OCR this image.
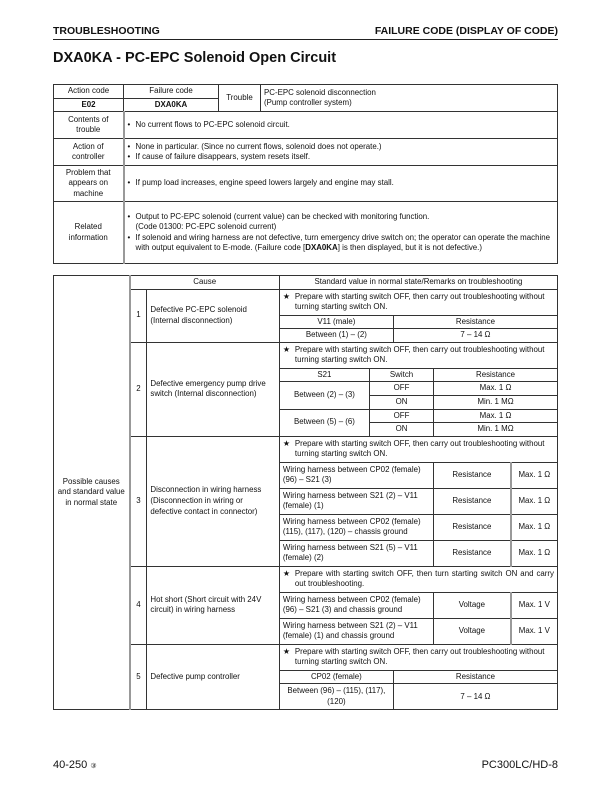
TROUBLESHOOTING	FAILURE CODE (DISPLAY OF CODE)
DXA0KA - PC-EPC Solenoid Open Circuit
Action code	Failure code	Trouble	PC-EPC solenoid disconnection
(Pump controller system)

E02	DXA0KA		
Contents of trouble	• No current flows to PC-EPC solenoid circuit.		

Action of controller	• None in particular. (Since no current flows, solenoid does not operate.)
• If cause of failure disappears, system resets itself.		

Problem that appears on machine	• If pump load increases, engine speed lowers largely and engine may stall.		

Related information	• Output to PC-EPC solenoid (current value) can be checked with monitoring function.
(Code 01300: PC-EPC solenoid current)
• If solenoid and wiring harness are not defective, turn emergency drive switch on; the operator can operate the machine with output equivalent to E-mode. (Failure code [DXA0KA] is then displayed, but it is not defective.)		
Possible causes and standard value in normal state	Cause		Standard value in normal state/Remarks on troubleshooting				
	1	Defective PC-EPC solenoid (Internal disconnection)	★ Prepare with starting switch OFF, then carry out troubleshooting without turning starting switch ON.				

			V11 (male)		Resistance		
			Between (1) – (2)		7 – 14 Ω		
	2	Defective emergency pump drive switch (Internal disconnection)	★ Prepare with starting switch OFF, then carry out troubleshooting without turning starting switch ON.				

			S21	Switch		Resistance	
			Between (2) – (3)	OFF		Max. 1 Ω	
				ON		Min. 1 MΩ	
			Between (5) – (6)	OFF		Max. 1 Ω	
				ON		Min. 1 MΩ	
	3	Disconnection in wiring harness (Disconnection in wiring or defective contact in connector)	★ Prepare with starting switch OFF, then carry out troubleshooting without turning starting switch ON.				

			Wiring harness between CP02 (female) (96) – S21 (3)			Resistance	Max. 1 Ω
			Wiring harness between S21 (2) – V11 (female) (1)			Resistance	Max. 1 Ω
			Wiring harness between CP02 (female) (115), (117), (120) – chassis ground			Resistance	Max. 1 Ω
			Wiring harness between S21 (5) – V11 (female) (2)			Resistance	Max. 1 Ω
	4	Hot short (Short circuit with 24V circuit) in wiring harness	★ Prepare with starting switch OFF, then turn starting switch ON and carry out troubleshooting.				

			Wiring harness between CP02 (female) (96) – S21 (3) and chassis ground			Voltage	Max. 1 V
			Wiring harness between S21 (2) – V11 (female) (1) and chassis ground			Voltage	Max. 1 V
	5	Defective pump controller	★ Prepare with starting switch OFF, then carry out troubleshooting without turning starting switch ON.				

			CP02 (female)		Resistance		
			Between (96) – (115), (117), (120)		7 – 14 Ω		
40-250 ③	PC300LC/HD-8
